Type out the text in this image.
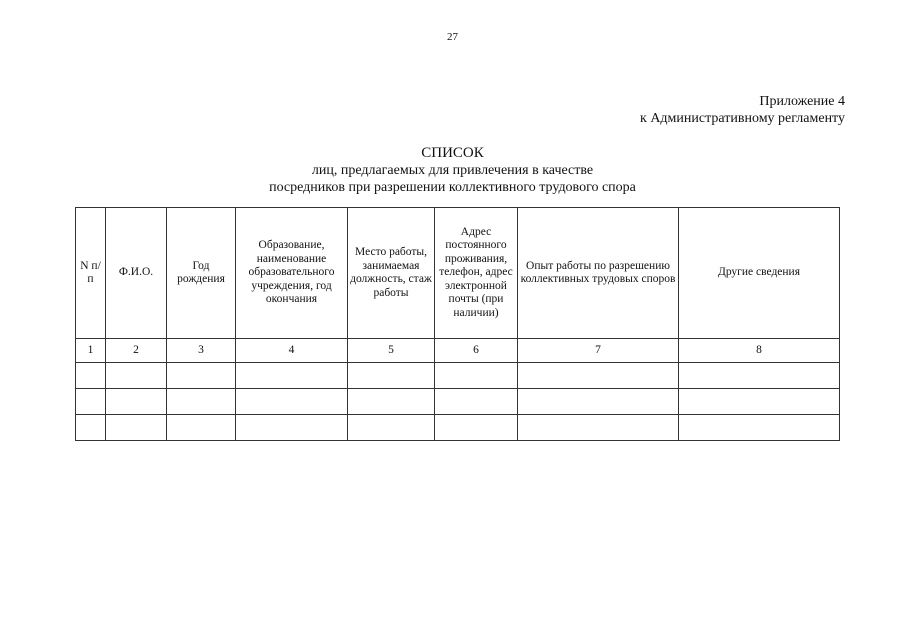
27
Приложение 4
к Административному регламенту
СПИСОК
лиц, предлагаемых для привлечения в качестве
посредников при разрешении коллективного трудового спора
N п/п	Ф.И.О.	Год рождения	Образование, наименование образовательного учреждения, год окончания	Место работы, занимаемая должность, стаж работы	Адрес постоянного проживания, телефон, адрес электронной почты (при наличии)	Опыт работы по разрешению коллективных трудовых споров	Другие сведения
1	2	3	4	5	6	7	8
